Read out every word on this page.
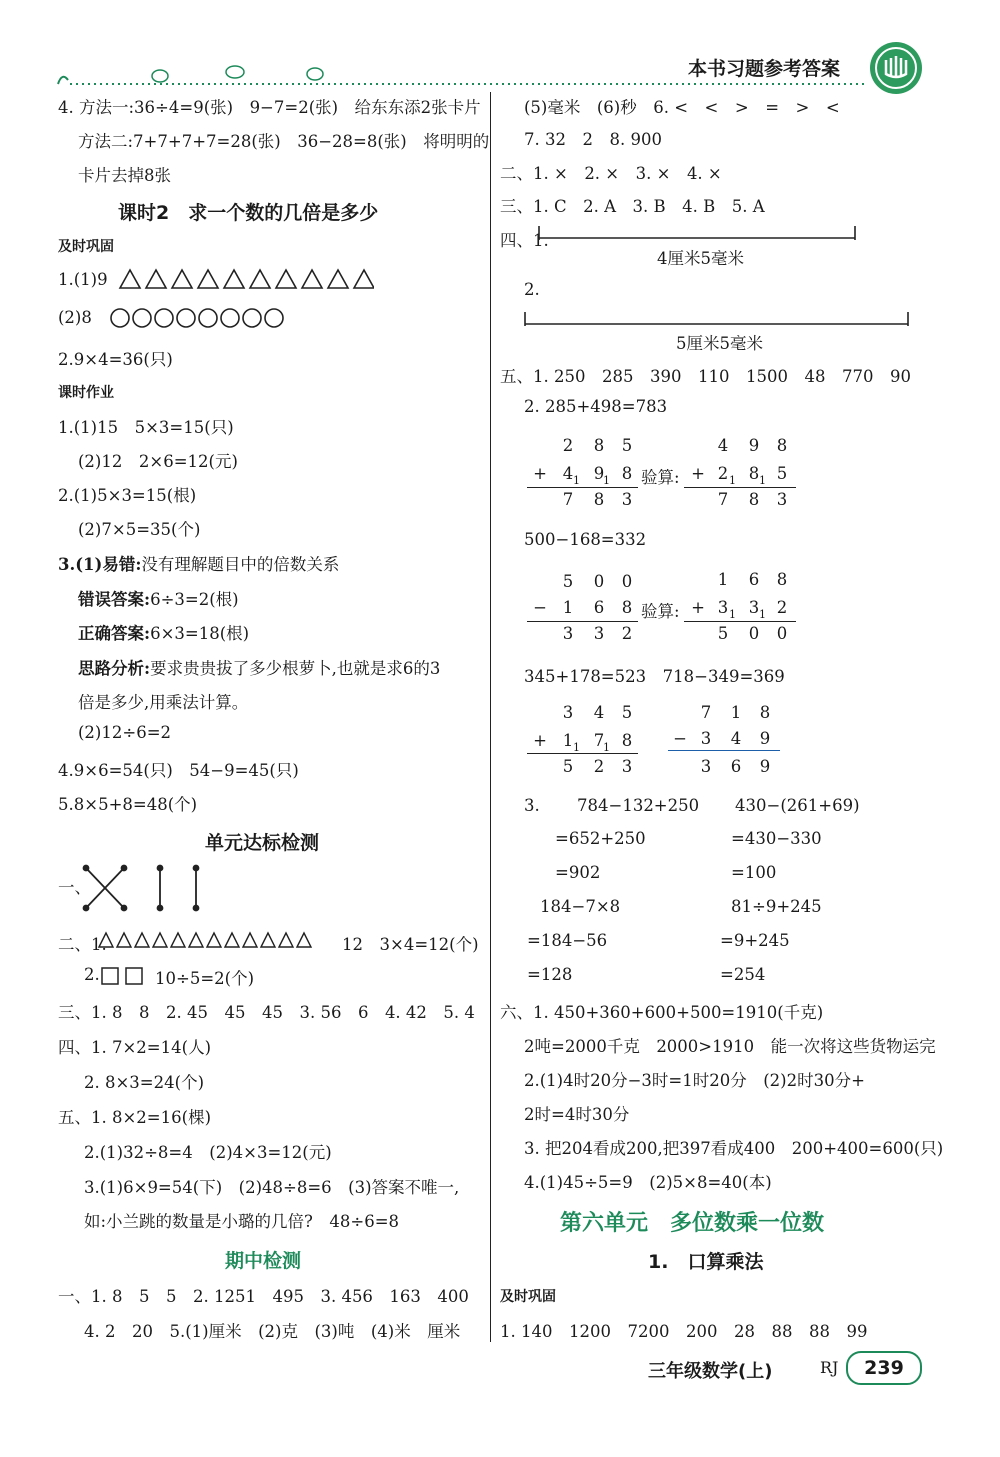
本书习题参考答案
4. 方法一:36÷4=9(张)　9−7=2(张)　给东东添2张卡片
方法二:7+7+7+7=28(张)　36−28=8(张)　将明明的
卡片去掉8张
课时2　求一个数的几倍是多少
及时巩固
1.(1)9
(2)8
2.9×4=36(只)
课时作业
1.(1)15　5×3=15(只)
(2)12　2×6=12(元)
2.(1)5×3=15(根)
(2)7×5=35(个)
3.(1)易错:没有理解题目中的倍数关系
错误答案:6÷3=2(根)
正确答案:6×3=18(根)
思路分析:要求贵贵拔了多少根萝卜,也就是求6的3
倍是多少,用乘法计算。
(2)12÷6=2
4.9×6=54(只)　54−9=45(只)
5.8×5+8=48(个)
单元达标检测
一、
二、1.	12　3×4=12(个)
2.	10÷5=2(个)
三、1. 8　8　2. 45　45　45　3. 56　6　4. 42　5. 4
四、1. 7×2=14(人)
2. 8×3=24(个)
五、1. 8×2=16(棵)
2.(1)32÷8=4　(2)4×3=12(元)
3.(1)6×9=54(下)　(2)48÷8=6　(3)答案不唯一,
如:小兰跳的数量是小璐的几倍?　48÷6=8
期中检测
一、1. 8　5　5　2. 1251　495　3. 456　163　400
4. 2　20　5.(1)厘米　(2)克　(3)吨　(4)米　厘米
(5)毫米　(6)秒　6. <　<　>　=　>　<
7. 32　2　8. 900
二、1. ×　2. ×　3. ×　4. ×
三、1. C　2. A　3. B　4. B　5. A
四、1.
4厘米5毫米
2.
5厘米5毫米
五、1. 250　285　390　110　1500　48　770　90
2. 285+498=783
2	8	5
+ 4	9	8
1 1
7	8	3
验算:
4	9	8
+ 2	8	5
1 1
7	8	3
500−168=332
5	0	0
− 1	6	8
3	3	2
验算:
1	6	8
+ 3	3	2
1 1
5	0	0
345+178=523　718−349=369
3	4	5
+ 1	7	8
1 1
5	2	3
7	1	8
− 3	4	9
3	6	9
3. 784−132+250 430−(261+69)
=652+250	=430−330
=902	=100
184−7×8	81÷9+245
=184−56	=9+245
=128	=254
六、1. 450+360+600+500=1910(千克)
2吨=2000千克　2000>1910　能一次将这些货物运完
2.(1)4时20分−3时=1时20分　(2)2时30分+
2时=4时30分
3. 把204看成200,把397看成400　200+400=600(只)
4.(1)45÷5=9　(2)5×8=40(本)
第六单元　多位数乘一位数
1.　口算乘法
及时巩固
1. 140　1200　7200　200　28　88　88　99
三年级数学(上)	RJ	239
